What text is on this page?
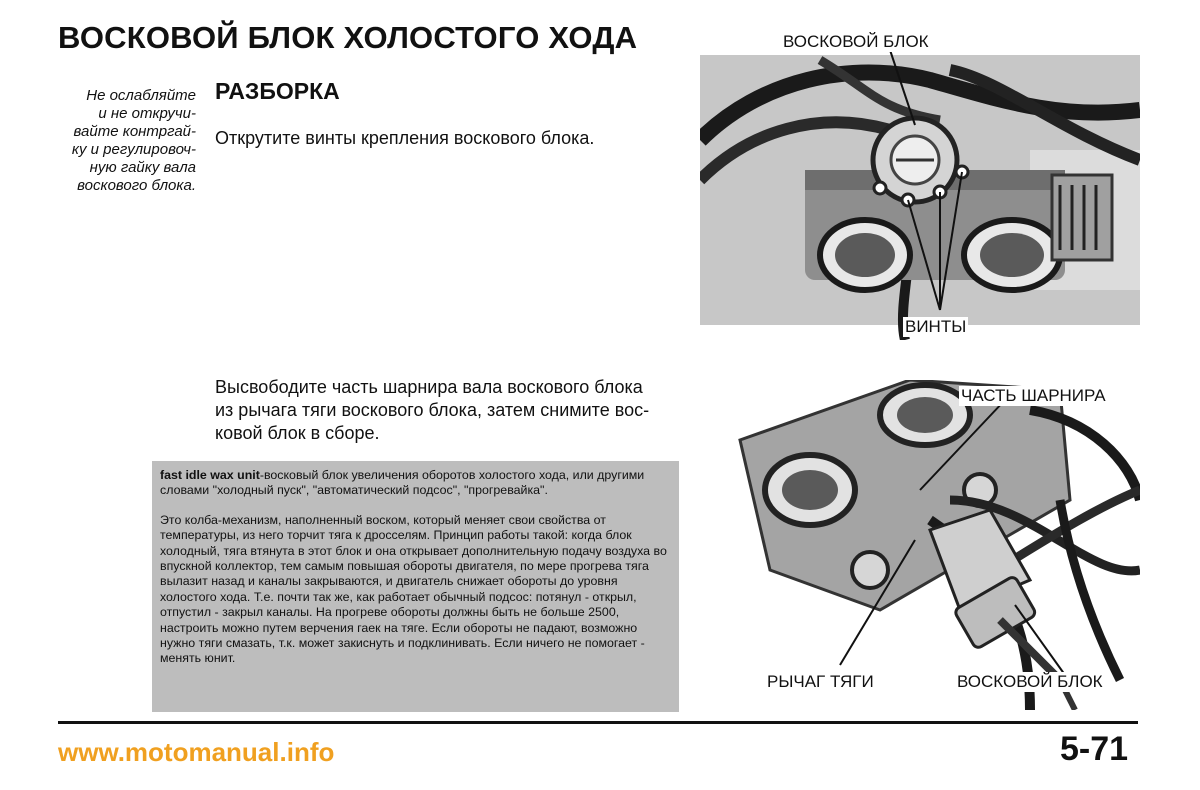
ВОСКОВОЙ БЛОК ХОЛОСТОГО ХОДА
Не ослабляйте
и не откручи-
вайте контргай-
ку и регулировоч-
ную гайку вала
воскового блока.
РАЗБОРКА
Открутите винты крепления воскового блока.
Высвободите часть шарнира вала воскового блока
из рычага тяги воскового блока, затем снимите вос-
ковой блок в сборе.

fast idle wax unit-восковый блок увеличения оборотов холостого хода, или другими словами "холодный пуск", "автоматический подсос", "прогревайка".

Это колба-механизм, наполненный воском, который меняет свои свойства от температуры, из него торчит тяга к дросселям. Принцип работы такой: когда блок холодный, тяга втянута в этот блок и она открывает дополнительную подачу воздуха во впускной коллектор, тем самым повышая обороты двигателя, по мере прогрева тяга вылазит назад и каналы закрываются, и двигатель снижает обороты до уровня холостого хода. Т.е. почти так же, как работает обычный подсос: потянул - открыл, отпустил - закрыл каналы. На прогреве обороты должны быть не больше 2500, настроить можно путем верчения гаек на тяге. Если обороты не падают, возможно нужно тяги смазать, т.к. может закиснуть и подклинивать. Если ничего не помогает - менять юнит.

ВОСКОВОЙ БЛОК
ВИНТЫ
ЧАСТЬ ШАРНИРА
РЫЧАГ ТЯГИ	ВОСКОВОЙ БЛОК
www.motomanual.info	5-71
